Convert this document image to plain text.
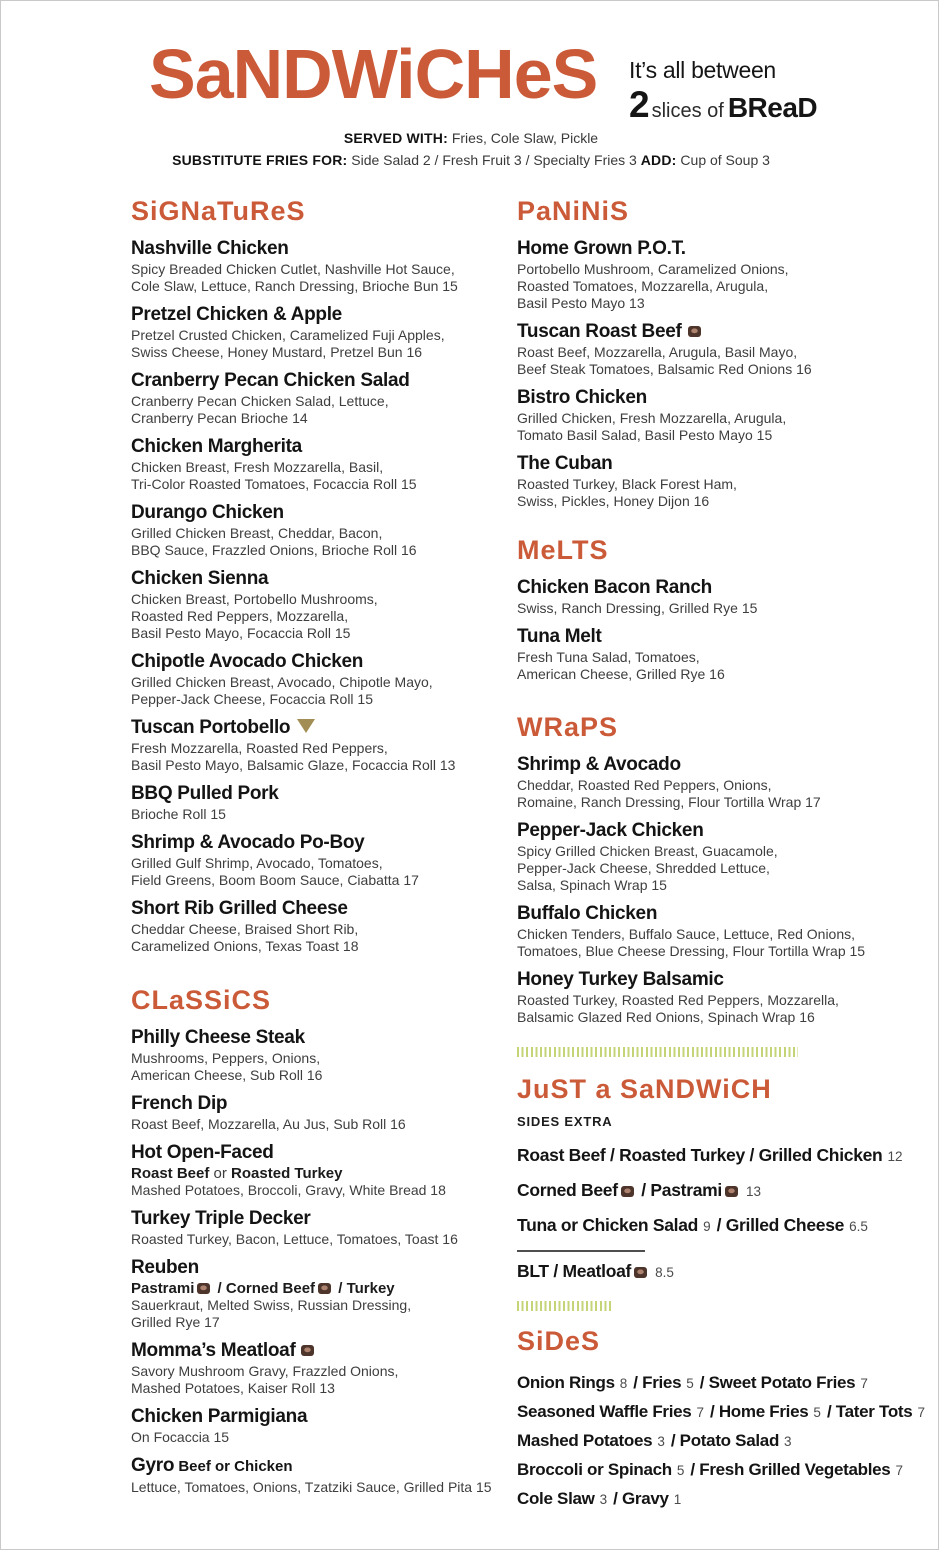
SaNDWiCHeS It’s all between
2 slices of BReaD
SERVED WITH: Fries, Cole Slaw, Pickle
SUBSTITUTE FRIES FOR: Side Salad 2 / Fresh Fruit 3 / Specialty Fries 3 ADD: Cup of Soup 3
SiGNaTuReS
Nashville Chicken
Spicy Breaded Chicken Cutlet, Nashville Hot Sauce,
Cole Slaw, Lettuce, Ranch Dressing, Brioche Bun 15
Pretzel Chicken & Apple
Pretzel Crusted Chicken, Caramelized Fuji Apples,
Swiss Cheese, Honey Mustard, Pretzel Bun 16
Cranberry Pecan Chicken Salad
Cranberry Pecan Chicken Salad, Lettuce,
Cranberry Pecan Brioche 14
Chicken Margherita
Chicken Breast, Fresh Mozzarella, Basil,
Tri-Color Roasted Tomatoes, Focaccia Roll 15
Durango Chicken
Grilled Chicken Breast, Cheddar, Bacon,
BBQ Sauce, Frazzled Onions, Brioche Roll 16
Chicken Sienna
Chicken Breast, Portobello Mushrooms,
Roasted Red Peppers, Mozzarella,
Basil Pesto Mayo, Focaccia Roll 15
Chipotle Avocado Chicken
Grilled Chicken Breast, Avocado, Chipotle Mayo,
Pepper-Jack Cheese, Focaccia Roll 15
Tuscan Portobello
Fresh Mozzarella, Roasted Red Peppers,
Basil Pesto Mayo, Balsamic Glaze, Focaccia Roll 13
BBQ Pulled Pork
Brioche Roll 15
Shrimp & Avocado Po-Boy
Grilled Gulf Shrimp, Avocado, Tomatoes,
Field Greens, Boom Boom Sauce, Ciabatta 17
Short Rib Grilled Cheese
Cheddar Cheese, Braised Short Rib,
Caramelized Onions, Texas Toast 18
CLaSSiCS
Philly Cheese Steak
Mushrooms, Peppers, Onions,
American Cheese, Sub Roll 16
French Dip
Roast Beef, Mozzarella, Au Jus, Sub Roll 16
Hot Open-Faced
Roast Beef or Roasted Turkey
Mashed Potatoes, Broccoli, Gravy, White Bread 18
Turkey Triple Decker
Roasted Turkey, Bacon, Lettuce, Tomatoes, Toast 16
Reuben
Pastrami / Corned Beef / Turkey
Sauerkraut, Melted Swiss, Russian Dressing,
Grilled Rye 17
Momma’s Meatloaf
Savory Mushroom Gravy, Frazzled Onions,
Mashed Potatoes, Kaiser Roll 13
Chicken Parmigiana
On Focaccia 15
Gyro Beef or Chicken
Lettuce, Tomatoes, Onions, Tzatziki Sauce, Grilled Pita 15
PaNiNiS
Home Grown P.O.T.
Portobello Mushroom, Caramelized Onions,
Roasted Tomatoes, Mozzarella, Arugula,
Basil Pesto Mayo 13
Tuscan Roast Beef
Roast Beef, Mozzarella, Arugula, Basil Mayo,
Beef Steak Tomatoes, Balsamic Red Onions 16
Bistro Chicken
Grilled Chicken, Fresh Mozzarella, Arugula,
Tomato Basil Salad, Basil Pesto Mayo 15
The Cuban
Roasted Turkey, Black Forest Ham,
Swiss, Pickles, Honey Dijon 16
MeLTS
Chicken Bacon Ranch
Swiss, Ranch Dressing, Grilled Rye 15
Tuna Melt
Fresh Tuna Salad, Tomatoes,
American Cheese, Grilled Rye 16
WRaPS
Shrimp & Avocado
Cheddar, Roasted Red Peppers, Onions,
Romaine, Ranch Dressing, Flour Tortilla Wrap 17
Pepper-Jack Chicken
Spicy Grilled Chicken Breast, Guacamole,
Pepper-Jack Cheese, Shredded Lettuce,
Salsa, Spinach Wrap 15
Buffalo Chicken
Chicken Tenders, Buffalo Sauce, Lettuce, Red Onions,
Tomatoes, Blue Cheese Dressing, Flour Tortilla Wrap 15
Honey Turkey Balsamic
Roasted Turkey, Roasted Red Peppers, Mozzarella,
Balsamic Glazed Red Onions, Spinach Wrap 16
JuST a SaNDWiCH
SIDES EXTRA
Roast Beef / Roasted Turkey / Grilled Chicken 12
Corned Beef / Pastrami 13
Tuna or Chicken Salad 9 / Grilled Cheese 6.5
BLT / Meatloaf 8.5
SiDeS
Onion Rings 8 / Fries 5 / Sweet Potato Fries 7
Seasoned Waffle Fries 7 / Home Fries 5 / Tater Tots 7
Mashed Potatoes 3 / Potato Salad 3
Broccoli or Spinach 5 / Fresh Grilled Vegetables 7
Cole Slaw 3 / Gravy 1
